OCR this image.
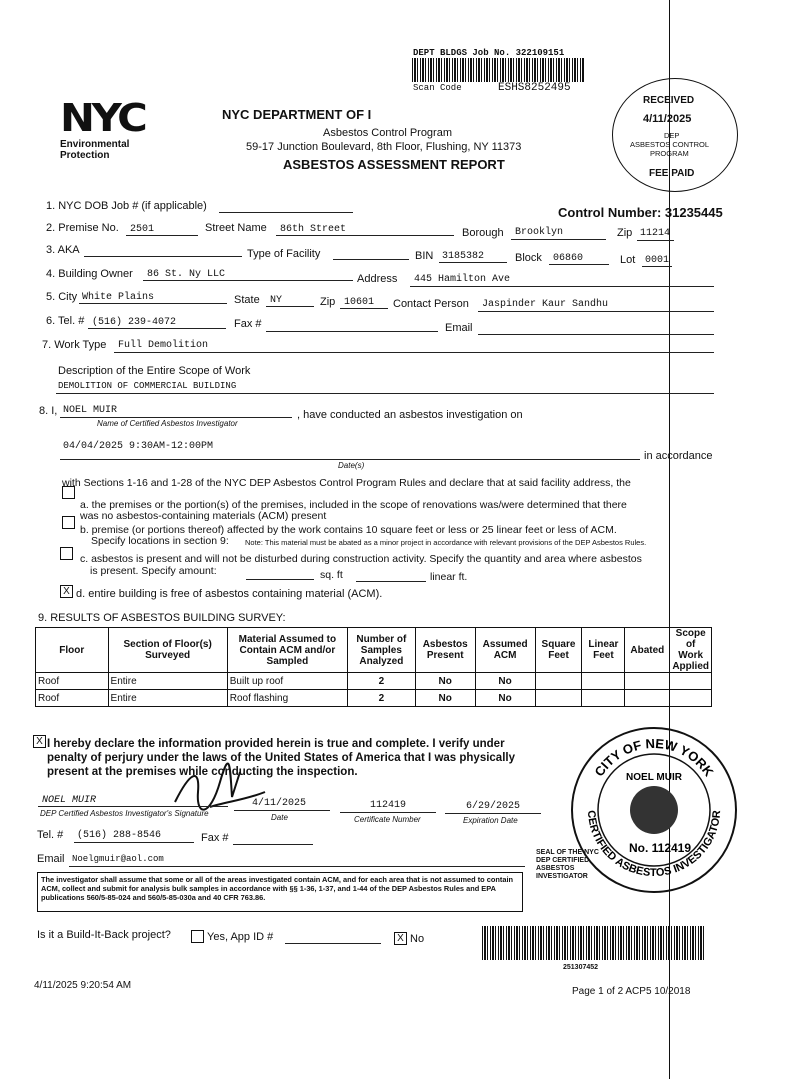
NYC
Environmental
Protection
NYC DEPARTMENT OF I
Asbestos Control Program
59-17 Junction Boulevard, 8th Floor, Flushing, NY 11373
ASBESTOS ASSESSMENT REPORT
DEPT BLDGS Job No. 322109151
Scan Code	ESHS8252495
RECEIVED
4/11/2025
DEP
ASBESTOS CONTROL
PROGRAM
FEE PAID
1. NYC DOB Job # (if applicable)	Control Number: 31235445
2. Premise No. 2501	Street Name 86th Street	Borough Brooklyn	Zip 11214
3. AKA	Type of Facility	BIN 3185382	Block 06860	Lot 0001
4. Building Owner 86 St. Ny LLC	Address 445 Hamilton Ave
5. City White Plains	State NY	Zip 10601 Contact Person Jaspinder Kaur Sandhu
6. Tel. # (516) 239-4072	Fax #	Email
7. Work Type Full Demolition
Description of the Entire Scope of Work
DEMOLITION OF COMMERCIAL BUILDING
8. I, NOEL MUIR	, have conducted an asbestos investigation on
Name of Certified Asbestos Investigator
04/04/2025 9:30AM-12:00PM
in accordance
Date(s)
with Sections 1-16 and 1-28 of the NYC DEP Asbestos Control Program Rules and declare that at said facility address, the
a. the premises or the portion(s) of the premises, included in the scope of renovations was/were determined that there
was no asbestos-containing materials (ACM) present
b. premise (or portions thereof) affected by the work contains 10 square feet or less or 25 linear feet or less of ACM.
Specify locations in section 9: Note: This material must be abated as a minor project in accordance with relevant provisions of the DEP Asbestos Rules.
c. asbestos is present and will not be disturbed during construction activity. Specify the quantity and area where asbestos
is present. Specify amount:	sq. ft	linear ft.
X d. entire building is free of asbestos containing material (ACM).
9. RESULTS OF ASBESTOS BUILDING SURVEY:
Floor	Section of Floor(s) Surveyed	Material Assumed to Contain ACM and/or Sampled	Number of Samples Analyzed	Asbestos Present	Assumed ACM	Square Feet	Linear Feet	Abated	Scope of Work Applied
Roof	Entire	Built up roof	2	No	No				
Roof	Entire	Roof flashing	2	No	No				
X I hereby declare the information provided herein is true and complete. I verify under
penalty of perjury under the laws of the United States of America that I was physically
present at the premises while conducting the inspection.
NOEL MUIR
DEP Certified Asbestos Investigator's Signature
4/11/2025
Date
112419
Certificate Number
6/29/2025
Expiration Date
Tel. # (516) 288-8546	Fax #
Email Noelgmuir@aol.com
The investigator shall assume that some or all of the areas investigated contain ACM, and for each area that is not assumed to contain ACM, collect and submit for analysis bulk samples in accordance with §§ 1-36, 1-37, and 1-44 of the DEP Asbestos Rules and EPA publications 560/5-85-024 and 560/5-85-030a and 40 CFR 763.86.
SEAL OF THE NYC DEP CERTIFIED ASBESTOS INVESTIGATOR
CITY OF NEW YORK
CERTIFIED ASBESTOS INVESTIGATOR
NOEL MUIR
No. 112419
Is it a Build-It-Back project?	Yes, App ID #	X No
251307452
4/11/2025 9:20:54 AM
Page 1 of 2 ACP5 10/2018
